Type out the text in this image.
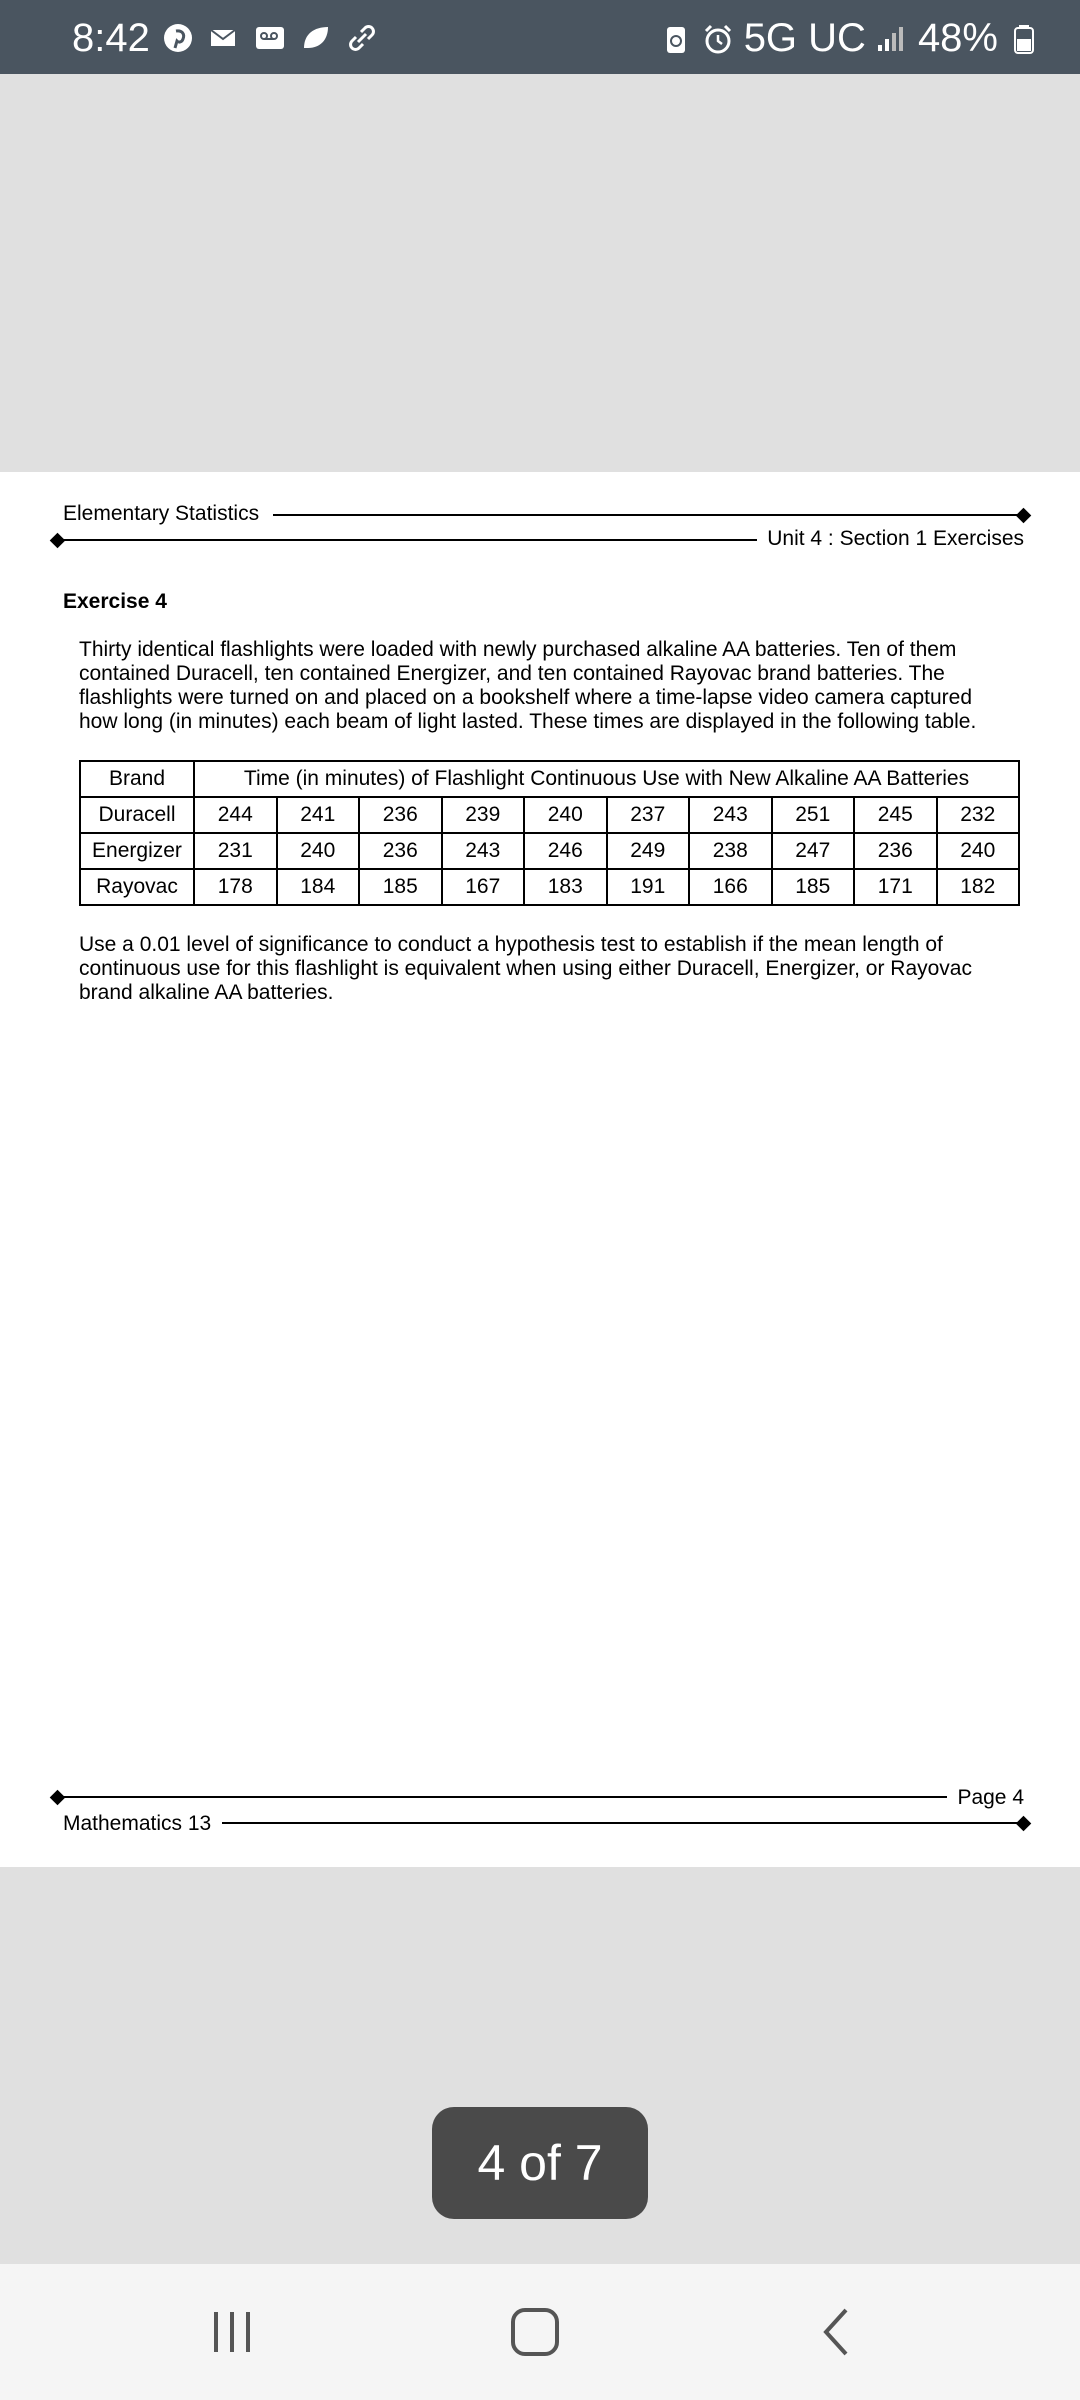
8:42	5G UC 48%
Elementary Statistics
Unit 4 : Section 1 Exercises
Exercise 4
Thirty identical flashlights were loaded with newly purchased alkaline AA batteries. Ten of them contained Duracell, ten contained Energizer, and ten contained Rayovac brand batteries. The flashlights were turned on and placed on a bookshelf where a time-lapse video camera captured how long (in minutes) each beam of light lasted. These times are displayed in the following table.
Brand	Time (in minutes) of Flashlight Continuous Use with New Alkaline AA Batteries									
Duracell	244	241	236	239	240	237	243	251	245	232
Energizer	231	240	236	243	246	249	238	247	236	240
Rayovac	178	184	185	167	183	191	166	185	171	182
Use a 0.01 level of significance to conduct a hypothesis test to establish if the mean length of continuous use for this flashlight is equivalent when using either Duracell, Energizer, or Rayovac brand alkaline AA batteries.
Page 4
Mathematics 13
4 of 7
